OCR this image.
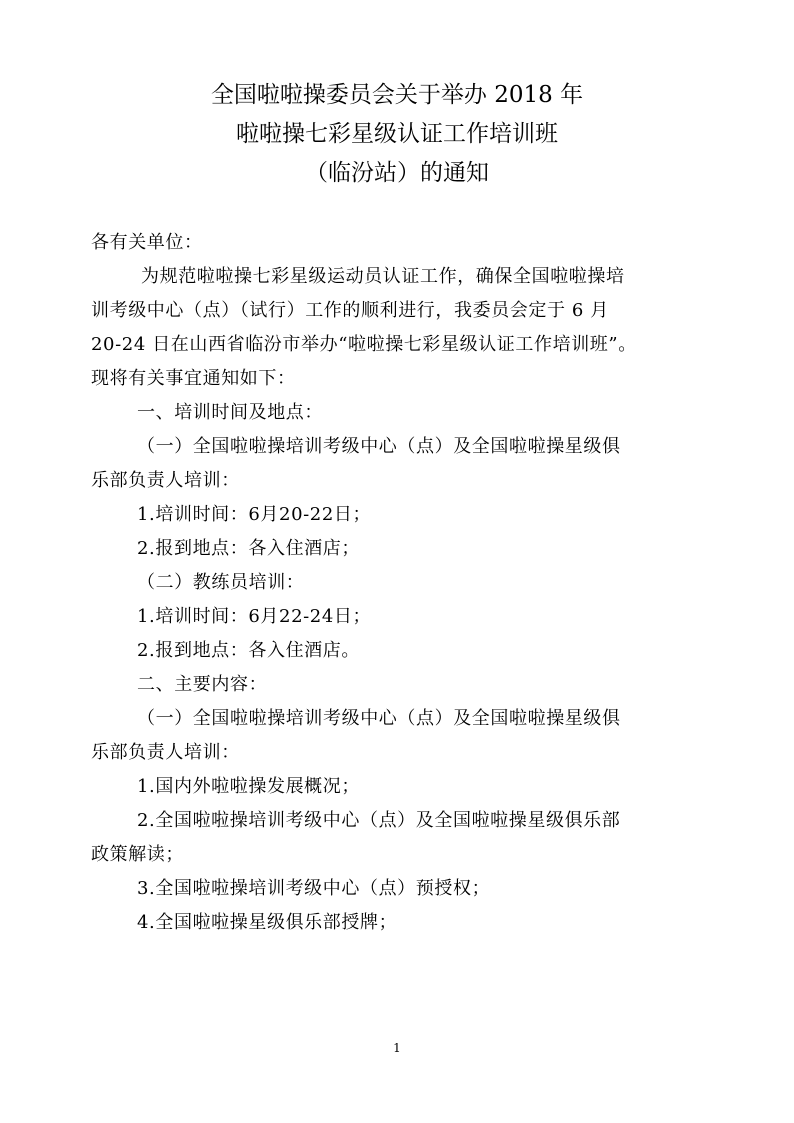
全国啦啦操委员会关于举办 2018 年
啦啦操七彩星级认证工作培训班
（临汾站）的通知
各有关单位：
为规范啦啦操七彩星级运动员认证工作，确保全国啦啦操培
训考级中心（点）（试行）工作的顺利进行，我委员会定于 6 月
20-24 日在山西省临汾市举办“啦啦操七彩星级认证工作培训班”。
现将有关事宜通知如下：
一、培训时间及地点：
（一）全国啦啦操培训考级中心（点）及全国啦啦操星级俱
乐部负责人培训：
1.培训时间：6月20-22日；
2.报到地点：各入住酒店；
（二）教练员培训：
1.培训时间：6月22-24日；
2.报到地点：各入住酒店。
二、主要内容：
（一）全国啦啦操培训考级中心（点）及全国啦啦操星级俱
乐部负责人培训：
1.国内外啦啦操发展概况；
2.全国啦啦操培训考级中心（点）及全国啦啦操星级俱乐部
政策解读；
3.全国啦啦操培训考级中心（点）预授权；
4.全国啦啦操星级俱乐部授牌；
1
